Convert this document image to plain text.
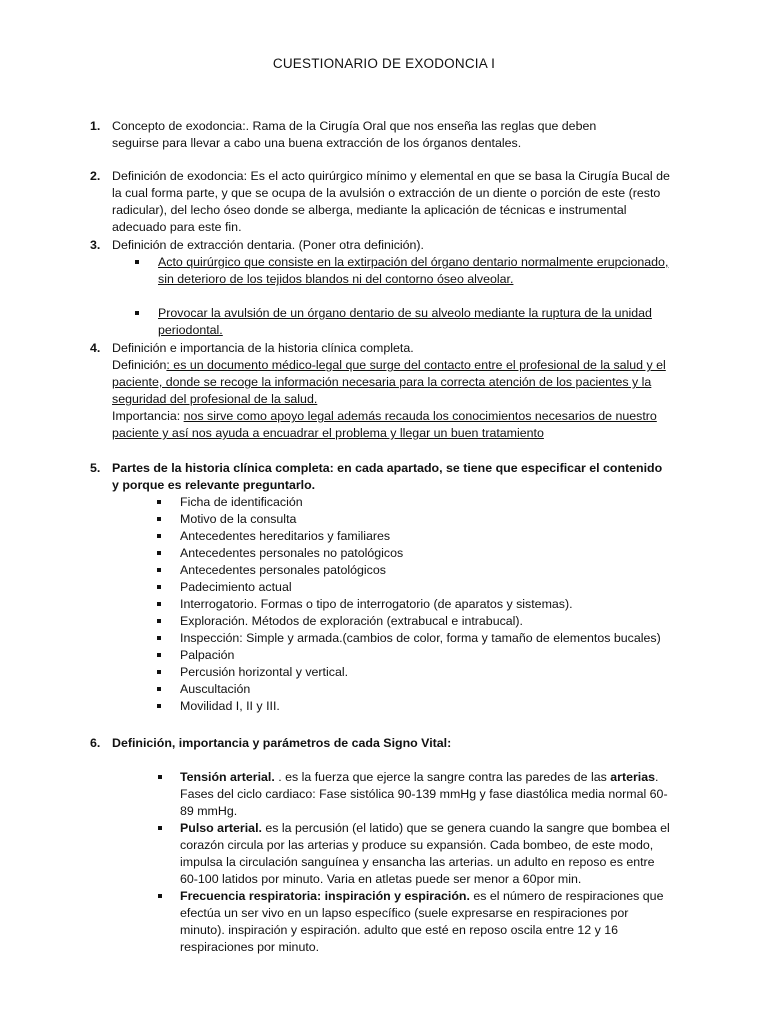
CUESTIONARIO DE EXODONCIA I
1. Concepto de exodoncia:. Rama de la Cirugía Oral que nos enseña las reglas que deben
seguirse para llevar a cabo una buena extracción de los órganos dentales.
2. Definición de exodoncia: Es el acto quirúrgico mínimo y elemental en que se basa la Cirugía Bucal de
la cual forma parte, y que se ocupa de la avulsión o extracción de un diente o porción de este (resto
radicular), del lecho óseo donde se alberga, mediante la aplicación de técnicas e instrumental
adecuado para este fin.
3. Definición de extracción dentaria. (Poner otra definición).
Acto quirúrgico que consiste en la extirpación del órgano dentario normalmente erupcionado,
sin deterioro de los tejidos blandos ni del contorno óseo alveolar.
Provocar la avulsión de un órgano dentario de su alveolo mediante la ruptura de la unidad
periodontal.
4. Definición e importancia de la historia clínica completa.
Definición: es un documento médico-legal que surge del contacto entre el profesional de la salud y el
paciente, donde se recoge la información necesaria para la correcta atención de los pacientes y la
seguridad del profesional de la salud.
Importancia: nos sirve como apoyo legal además recauda los conocimientos necesarios de nuestro
paciente y así nos ayuda a encuadrar el problema y llegar un buen tratamiento
5. Partes de la historia clínica completa: en cada apartado, se tiene que especificar el contenido
y porque es relevante preguntarlo.
Ficha de identificación
Motivo de la consulta
Antecedentes hereditarios y familiares
Antecedentes personales no patológicos
Antecedentes personales patológicos
Padecimiento actual
Interrogatorio. Formas o tipo de interrogatorio (de aparatos y sistemas).
Exploración. Métodos de exploración (extrabucal e intrabucal).
Inspección: Simple y armada.(cambios de color, forma y tamaño de elementos bucales)
Palpación
Percusión horizontal y vertical.
Auscultación
Movilidad I, II y III.
6. Definición, importancia y parámetros de cada Signo Vital:
Tensión arterial. . es la fuerza que ejerce la sangre contra las paredes de las arterias.
Fases del ciclo cardiaco: Fase sistólica 90-139 mmHg y fase diastólica media normal 60-
89 mmHg.
Pulso arterial. es la percusión (el latido) que se genera cuando la sangre que bombea el
corazón circula por las arterias y produce su expansión. Cada bombeo, de este modo,
impulsa la circulación sanguínea y ensancha las arterias. un adulto en reposo es entre
60-100 latidos por minuto. Varia en atletas puede ser menor a 60por min.
Frecuencia respiratoria: inspiración y espiración. es el número de respiraciones que
efectúa un ser vivo en un lapso específico (suele expresarse en respiraciones por
minuto). inspiración y espiración. adulto que esté en reposo oscila entre 12 y 16
respiraciones por minuto.
